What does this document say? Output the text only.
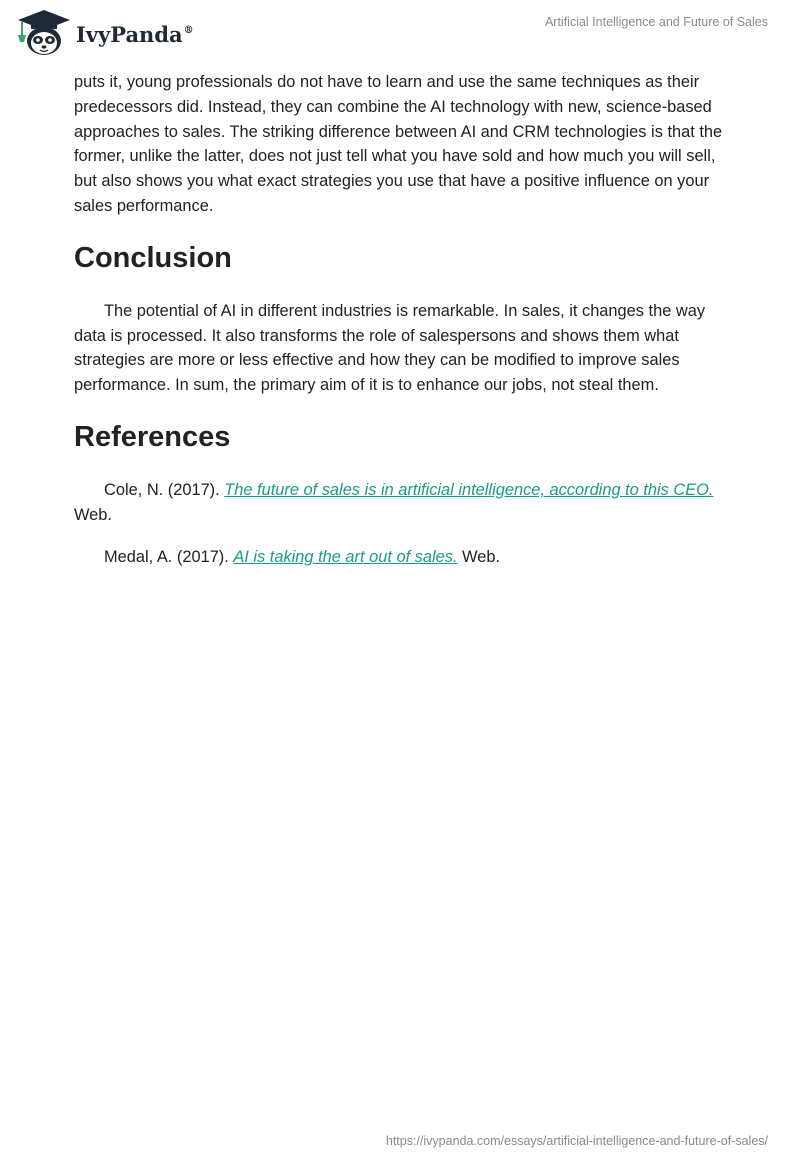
IvyPanda®
Artificial Intelligence and Future of Sales

puts it, young professionals do not have to learn and use the same techniques as their predecessors did. Instead, they can combine the AI technology with new, science-based approaches to sales. The striking difference between AI and CRM technologies is that the former, unlike the latter, does not just tell what you have sold and how much you will sell, but also shows you what exact strategies you use that have a positive influence on your sales performance.

Conclusion

The potential of AI in different industries is remarkable. In sales, it changes the way data is processed. It also transforms the role of salespersons and shows them what strategies are more or less effective and how they can be modified to improve sales performance. In sum, the primary aim of it is to enhance our jobs, not steal them.

References

Cole, N. (2017). The future of sales is in artificial intelligence, according to this CEO. Web.

Medal, A. (2017). AI is taking the art out of sales. Web.

https://ivypanda.com/essays/artificial-intelligence-and-future-of-sales/
